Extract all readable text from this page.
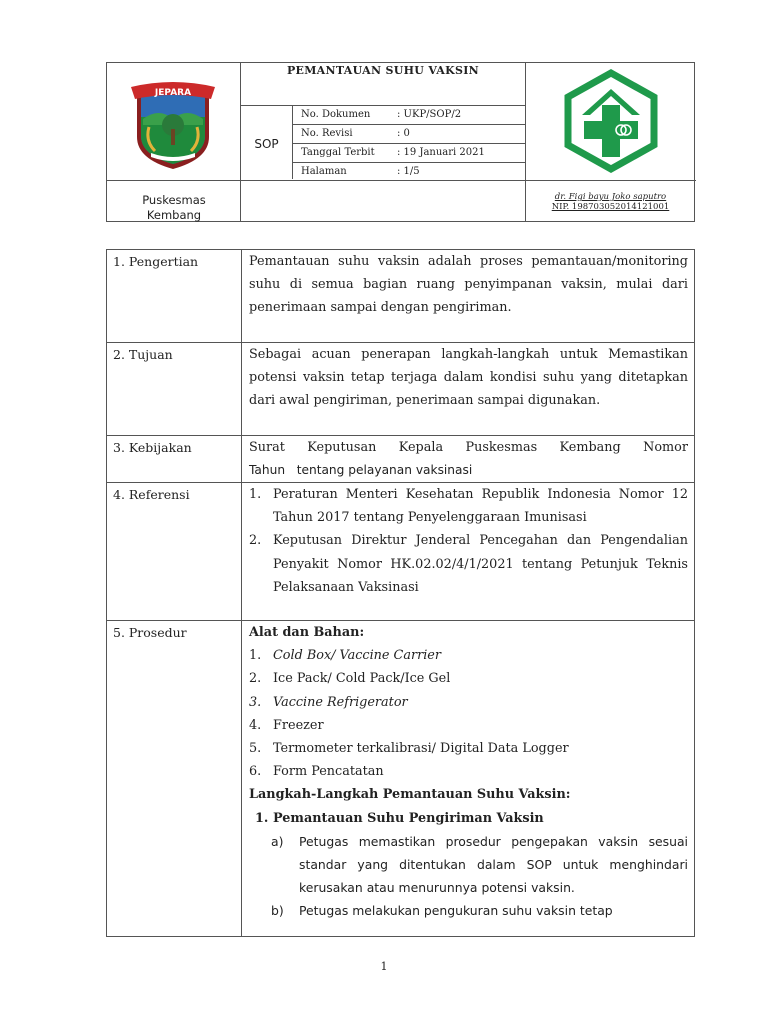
JEPARA
PEMANTAUAN SUHU VAKSIN
SOP
No. Dokumen	: UKP/SOP/2
No. Revisi	: 0
Tanggal Terbit : 19 Januari 2021
Halaman	: 1/5
Puskesmas
Kembang
dr. Figi bayu Joko saputro
NIP. 198703052014121001
1. Pengertian	Pemantauan suhu vaksin adalah proses pemantauan/monitoring suhu di semua bagian ruang penyimpanan vaksin, mulai dari penerimaan sampai dengan pengiriman.
2. Tujuan	Sebagai acuan penerapan langkah-langkah untuk Memastikan potensi vaksin tetap terjaga dalam kondisi suhu yang ditetapkan dari awal pengiriman, penerimaan sampai digunakan.
3. Kebijakan	Surat Keputusan Kepala Puskesmas Kembang Nomor
Tahun   tentang pelayanan vaksinasi
4. Referensi	1. Peraturan Menteri Kesehatan Republik Indonesia Nomor 12 Tahun 2017 tentang Penyelenggaraan Imunisasi
2. Keputusan Direktur Jenderal Pencegahan dan Pengendalian Penyakit Nomor HK.02.02/4/1/2021 tentang Petunjuk Teknis Pelaksanaan Vaksinasi
5. Prosedur	Alat dan Bahan:
1. Cold Box/ Vaccine Carrier
2. Ice Pack/ Cold Pack/Ice Gel
3. Vaccine Refrigerator
4. Freezer
5. Termometer terkalibrasi/ Digital Data Logger
6. Form Pencatatan
Langkah-Langkah Pemantauan Suhu Vaksin:
1. Pemantauan Suhu Pengiriman Vaksin
a) Petugas memastikan prosedur pengepakan vaksin sesuai standar yang ditentukan dalam SOP untuk menghindari kerusakan atau menurunnya potensi vaksin.
b) Petugas melakukan pengukuran suhu vaksin tetap
1
